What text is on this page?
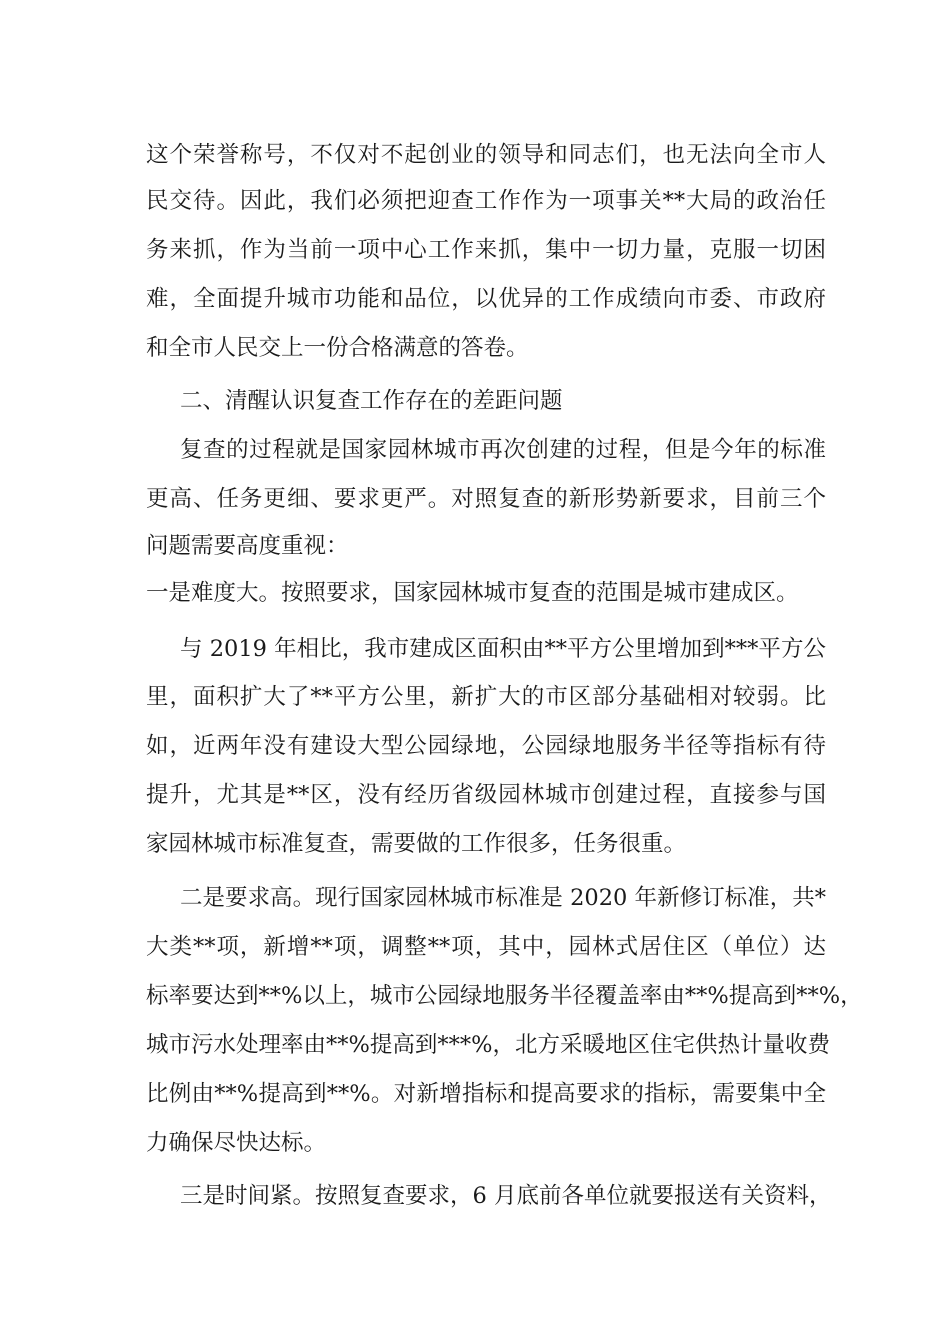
这个荣誉称号，不仅对不起创业的领导和同志们，也无法向全市人
民交待。因此，我们必须把迎查工作作为一项事关**大局的政治任
务来抓，作为当前一项中心工作来抓，集中一切力量，克服一切困
难，全面提升城市功能和品位，以优异的工作成绩向市委、市政府
和全市人民交上一份合格满意的答卷。
二、清醒认识复查工作存在的差距问题
复查的过程就是国家园林城市再次创建的过程，但是今年的标准
更高、任务更细、要求更严。对照复查的新形势新要求，目前三个
问题需要高度重视：
一是难度大。按照要求，国家园林城市复查的范围是城市建成区。
与 2019 年相比，我市建成区面积由**平方公里增加到***平方公
里，面积扩大了**平方公里，新扩大的市区部分基础相对较弱。比
如，近两年没有建设大型公园绿地，公园绿地服务半径等指标有待
提升，尤其是**区，没有经历省级园林城市创建过程，直接参与国
家园林城市标准复查，需要做的工作很多，任务很重。
二是要求高。现行国家园林城市标准是 2020 年新修订标准，共*
大类**项，新增**项，调整**项，其中，园林式居住区（单位）达
标率要达到**%以上，城市公园绿地服务半径覆盖率由**%提高到**%，
城市污水处理率由**%提高到***%，北方采暖地区住宅供热计量收费
比例由**%提高到**%。对新增指标和提高要求的指标，需要集中全
力确保尽快达标。
三是时间紧。按照复查要求，6 月底前各单位就要报送有关资料，
